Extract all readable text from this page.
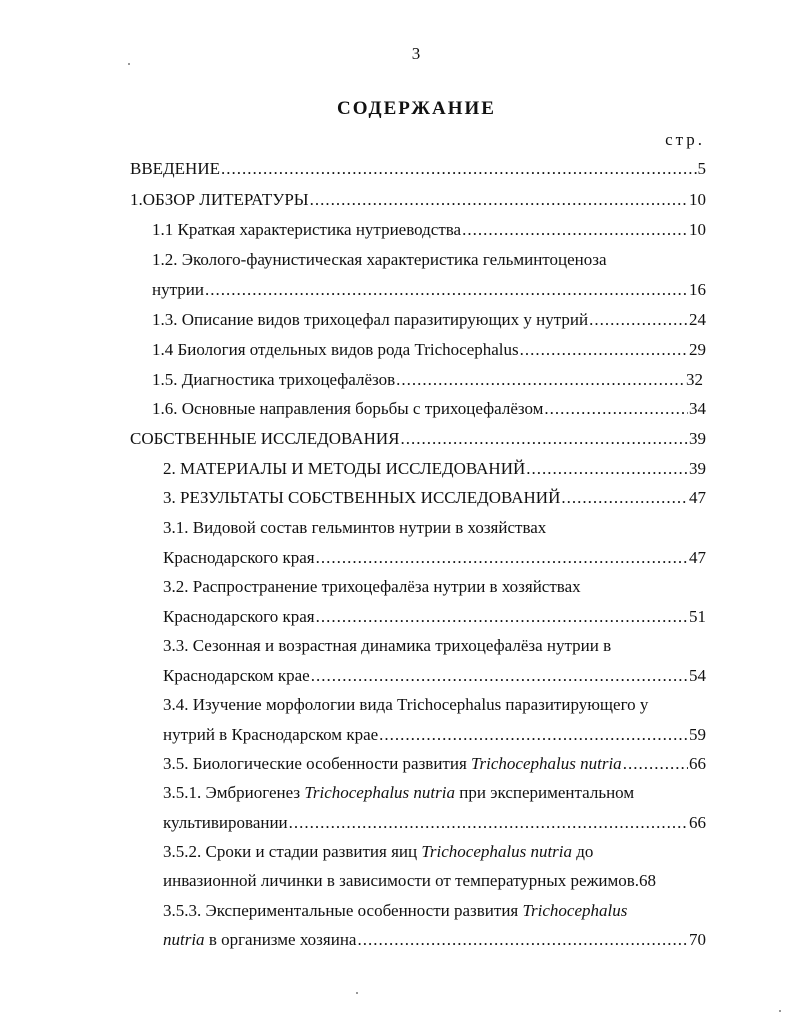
3
СОДЕРЖАНИЕ
стр.
ВВЕДЕНИЕ .....	5
1.ОБЗОР ЛИТЕРАТУРЫ .....	10
1.1 Краткая характеристика нутриеводства .....	10
1.2. Эколого-фаунистическая характеристика гельминтоценоза
нутрии .....	16
1.3. Описание видов трихоцефал паразитирующих у нутрий .....	24
1.4 Биология отдельных видов рода Trichocephalus .....	29
1.5. Диагностика трихоцефалёзов .....	32
1.6. Основные направления борьбы с трихоцефалёзом .....	34
СОБСТВЕННЫЕ ИССЛЕДОВАНИЯ .....	39
2. МАТЕРИАЛЫ И МЕТОДЫ ИССЛЕДОВАНИЙ .....	39
3. РЕЗУЛЬТАТЫ СОБСТВЕННЫХ ИССЛЕДОВАНИЙ .....	47
3.1. Видовой состав гельминтов нутрии в хозяйствах
Краснодарского края .....	47
3.2. Распространение трихоцефалёза нутрии в хозяйствах
Краснодарского края .....	51
3.3. Сезонная и возрастная динамика трихоцефалёза нутрии в
Краснодарском крае .....	54
3.4. Изучение морфологии вида Trichocephalus паразитирующего у
нутрий в Краснодарском крае .....	59
3.5. Биологические особенности развития Trichocephalus nutria .....	66
3.5.1. Эмбриогенез Trichocephalus nutria при экспериментальном
культивировании .....	66
3.5.2. Сроки и стадии развития яиц Trichocephalus nutria до
инвазионной личинки в зависимости от температурных режимов. 68
3.5.3. Экспериментальные особенности развития Trichocephalus
nutria в организме хозяина .....	70
